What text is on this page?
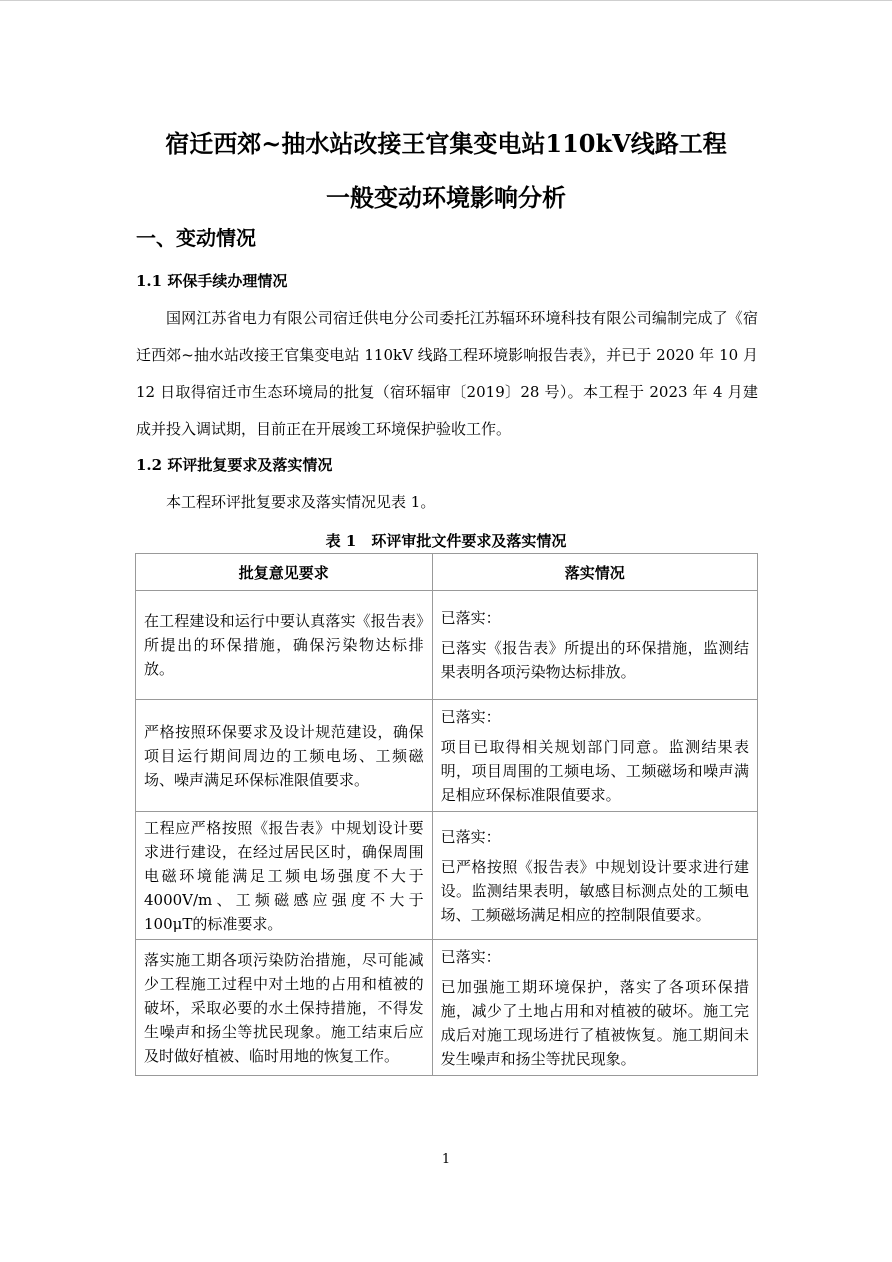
宿迁西郊~抽水站改接王官集变电站110kV线路工程
一般变动环境影响分析
一、变动情况
1.1 环保手续办理情况

国网江苏省电力有限公司宿迁供电分公司委托江苏辐环环境科技有限公司编制完成了《宿迁西郊~抽水站改接王官集变电站 110kV 线路工程环境影响报告表》，并已于 2020 年 10 月 12 日取得宿迁市生态环境局的批复（宿环辐审〔2019〕28 号）。本工程于 2023 年 4 月建成并投入调试期，目前正在开展竣工环境保护验收工作。

1.2 环评批复要求及落实情况

本工程环评批复要求及落实情况见表 1。

表 1　环评审批文件要求及落实情况

批复意见要求	落实情况
在工程建设和运行中要认真落实《报告表》所提出的环保措施，确保污染物达标排放。	已落实：
已落实《报告表》所提出的环保措施，监测结果表明各项污染物达标排放。
严格按照环保要求及设计规范建设，确保项目运行期间周边的工频电场、工频磁场、噪声满足环保标准限值要求。	已落实：
项目已取得相关规划部门同意。监测结果表明，项目周围的工频电场、工频磁场和噪声满足相应环保标准限值要求。
工程应严格按照《报告表》中规划设计要求进行建设，在经过居民区时，确保周围电磁环境能满足工频电场强度不大于4000V/m、工频磁感应强度不大于 100μT的标准要求。	已落实：
已严格按照《报告表》中规划设计要求进行建设。监测结果表明，敏感目标测点处的工频电场、工频磁场满足相应的控制限值要求。
落实施工期各项污染防治措施，尽可能减少工程施工过程中对土地的占用和植被的破坏，采取必要的水土保持措施，不得发生噪声和扬尘等扰民现象。施工结束后应及时做好植被、临时用地的恢复工作。	已落实：
已加强施工期环境保护，落实了各项环保措施，减少了土地占用和对植被的破坏。施工完成后对施工现场进行了植被恢复。施工期间未发生噪声和扬尘等扰民现象。

1
